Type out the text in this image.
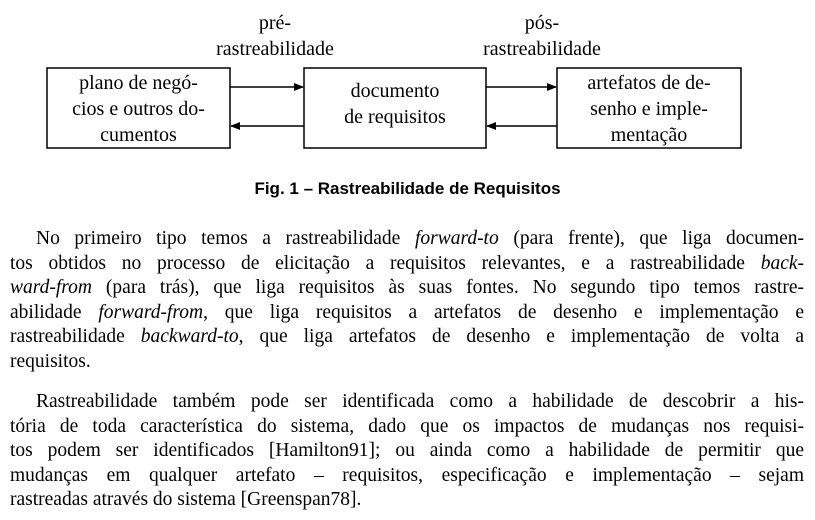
pré-
rastreabilidade
pós-
rastreabilidade
plano de negó-
cios e outros do-
cumentos
documento
de requisitos
artefatos de de-
senho e imple-
mentação
Fig. 1 – Rastreabilidade de Requisitos
No primeiro tipo temos a rastreabilidade forward-to (para frente), que liga documen-
tos obtidos no processo de elicitação a requisitos relevantes, e a rastreabilidade back-
ward-from (para trás), que liga requisitos às suas fontes. No segundo tipo temos rastre-
abilidade forward-from, que liga requisitos a artefatos de desenho e implementação e
rastreabilidade backward-to, que liga artefatos de desenho e implementação de volta a
requisitos.
Rastreabilidade também pode ser identificada como a habilidade de descobrir a his-
tória de toda característica do sistema, dado que os impactos de mudanças nos requisi-
tos podem ser identificados [Hamilton91]; ou ainda como a habilidade de permitir que
mudanças em qualquer artefato – requisitos, especificação e implementação – sejam
rastreadas através do sistema [Greenspan78].
